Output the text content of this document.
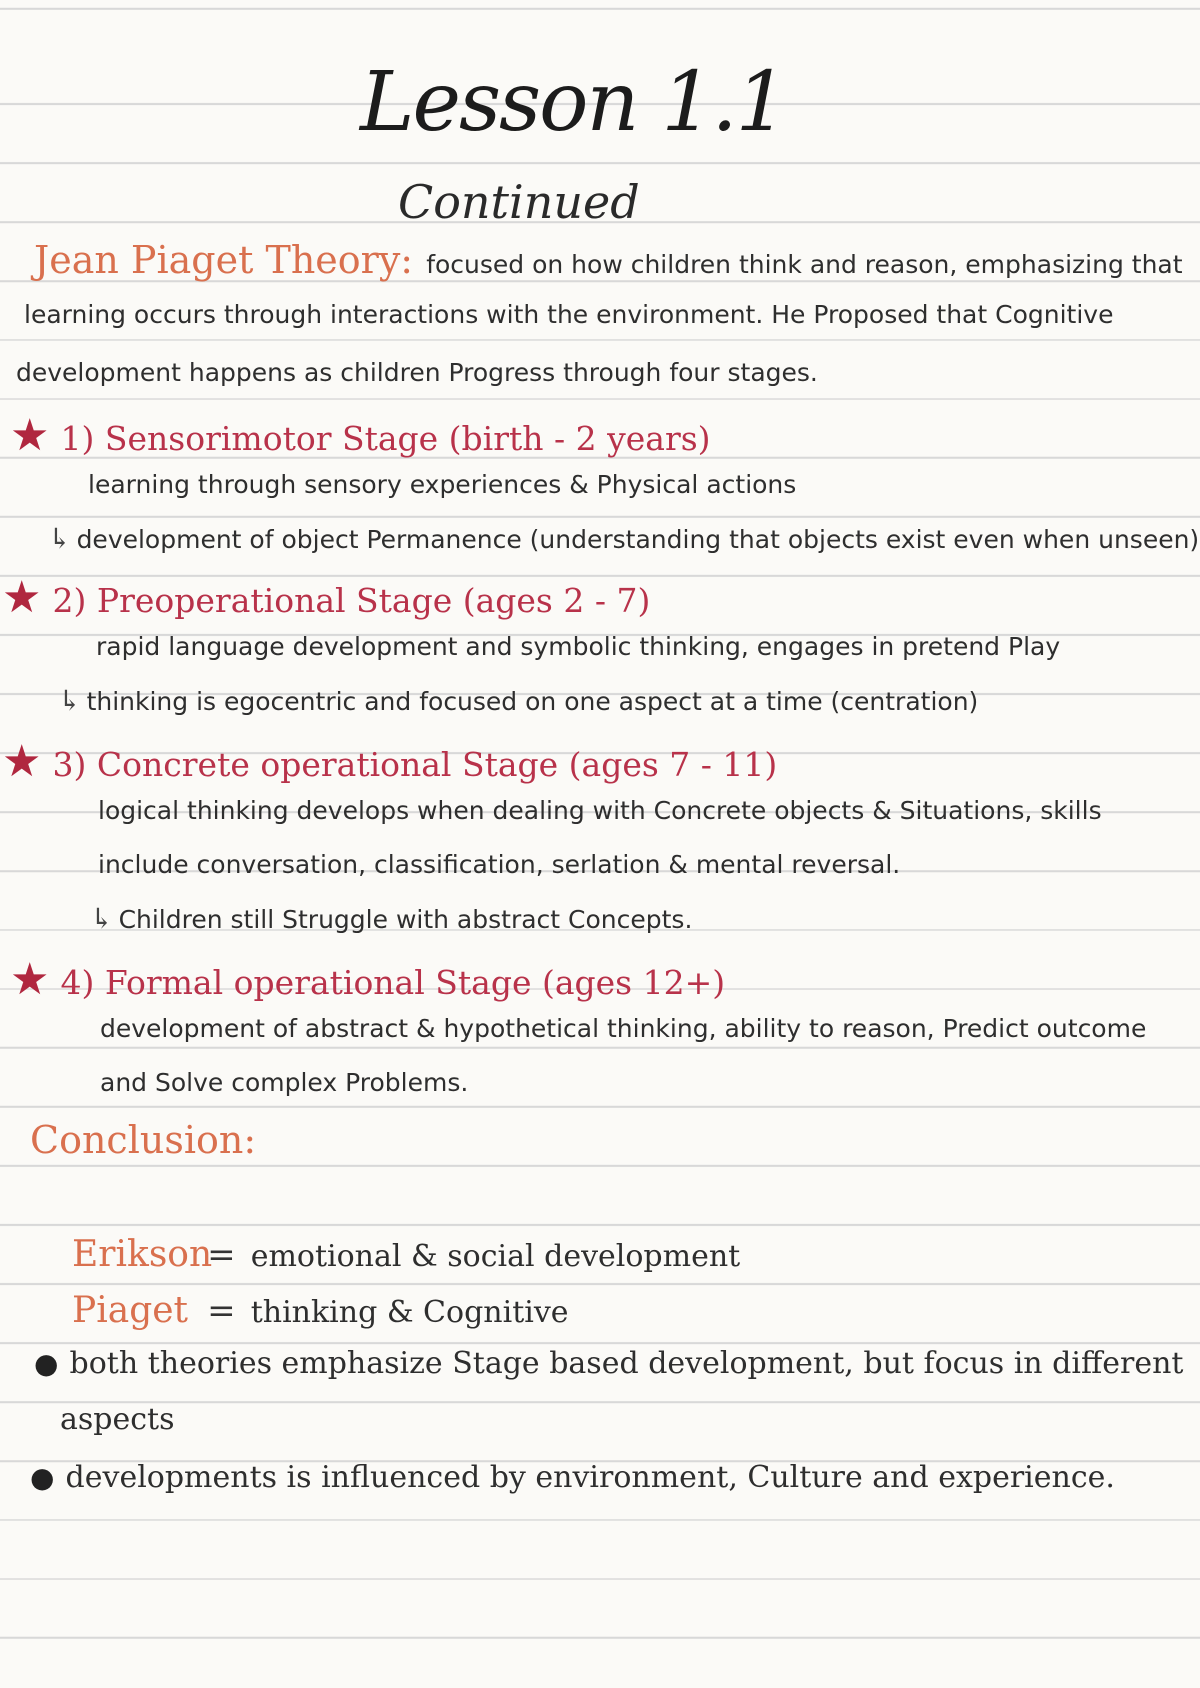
Lesson 1.1
Continued
Jean Piaget Theory: focused on how children think and reason, emphasizing that
learning occurs through interactions with the environment. He Proposed that Cognitive
development happens as children Progress through four stages.
★ 1) Sensorimotor Stage (birth - 2 years)
learning through sensory experiences & Physical actions
↳ development of object Permanence (understanding that objects exist even when unseen)
★ 2) Preoperational Stage (ages 2 - 7)
rapid language development and symbolic thinking, engages in pretend Play
↳ thinking is egocentric and focused on one aspect at a time (centration)
★ 3) Concrete operational Stage (ages 7 - 11)
logical thinking develops when dealing with Concrete objects & Situations, skills
include conversation, classification, serlation & mental reversal.
↳ Children still Struggle with abstract Concepts.
★ 4) Formal operational Stage (ages 12+)
development of abstract & hypothetical thinking, ability to reason, Predict outcome
and Solve complex Problems.
Conclusion:
Erikson = emotional & social development
Piaget = thinking & Cognitive
● both theories emphasize Stage based development, but focus in different
aspects
● developments is influenced by environment, Culture and experience.
